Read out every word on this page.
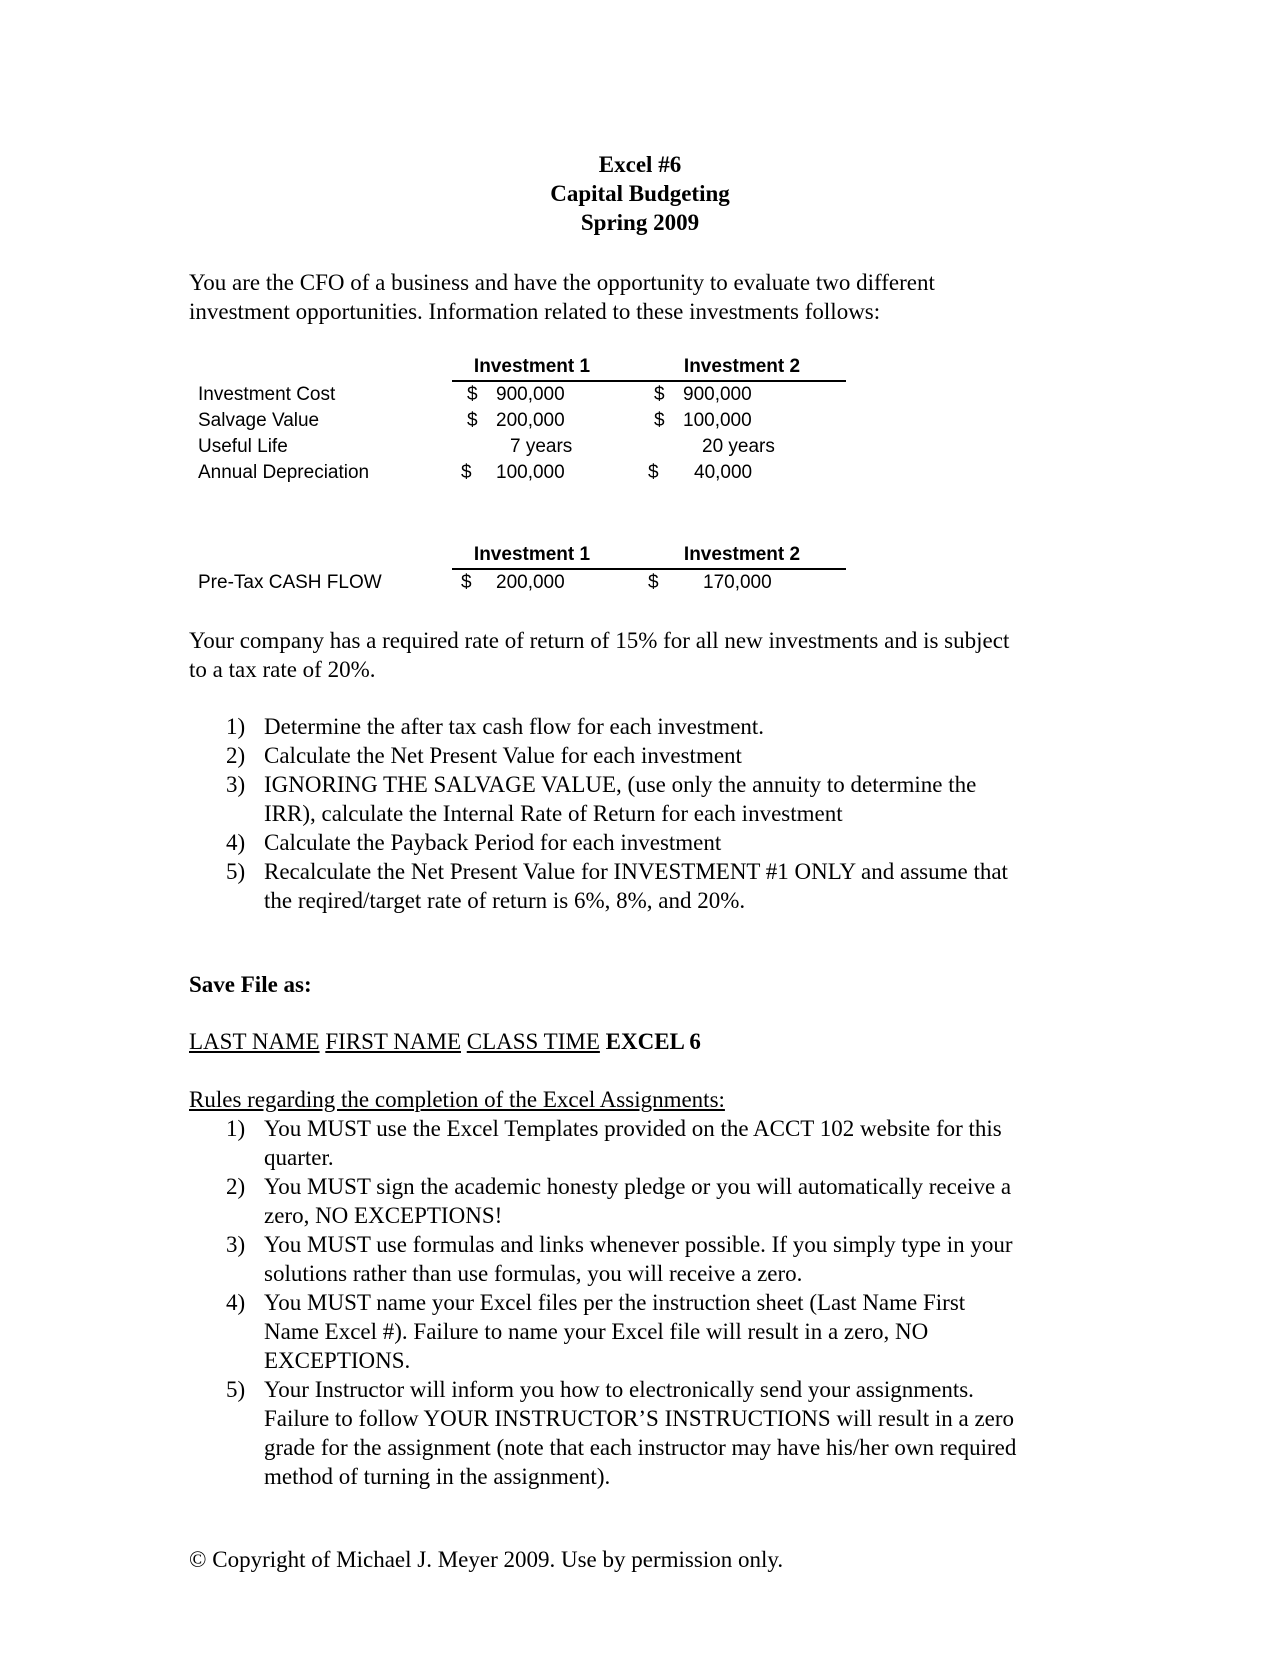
Excel #6
Capital Budgeting
Spring 2009
You are the CFO of a business and have the opportunity to evaluate two different
investment opportunities. Information related to these investments follows:
Investment 1	Investment 2
Investment Cost	$ 900,000	$ 900,000
Salvage Value	$ 200,000	$ 100,000
Useful Life	7 years	20 years
Annual Depreciation	$ 100,000	$ 40,000
Investment 1	Investment 2
Pre-Tax CASH FLOW	$ 200,000	$ 170,000
Your company has a required rate of return of 15% for all new investments and is subject
to a tax rate of 20%.
1) Determine the after tax cash flow for each investment.
2) Calculate the Net Present Value for each investment
3) IGNORING THE SALVAGE VALUE, (use only the annuity to determine the
IRR), calculate the Internal Rate of Return for each investment
4) Calculate the Payback Period for each investment
5) Recalculate the Net Present Value for INVESTMENT #1 ONLY and assume that
the reqired/target rate of return is 6%, 8%, and 20%.
Save File as:
LAST NAME FIRST NAME CLASS TIME EXCEL 6
Rules regarding the completion of the Excel Assignments:
1) You MUST use the Excel Templates provided on the ACCT 102 website for this
quarter.
2) You MUST sign the academic honesty pledge or you will automatically receive a
zero, NO EXCEPTIONS!
3) You MUST use formulas and links whenever possible. If you simply type in your
solutions rather than use formulas, you will receive a zero.
4) You MUST name your Excel files per the instruction sheet (Last Name First
Name Excel #). Failure to name your Excel file will result in a zero, NO
EXCEPTIONS.
5) Your Instructor will inform you how to electronically send your assignments.
Failure to follow YOUR INSTRUCTOR’S INSTRUCTIONS will result in a zero
grade for the assignment (note that each instructor may have his/her own required
method of turning in the assignment).
© Copyright of Michael J. Meyer 2009. Use by permission only.
